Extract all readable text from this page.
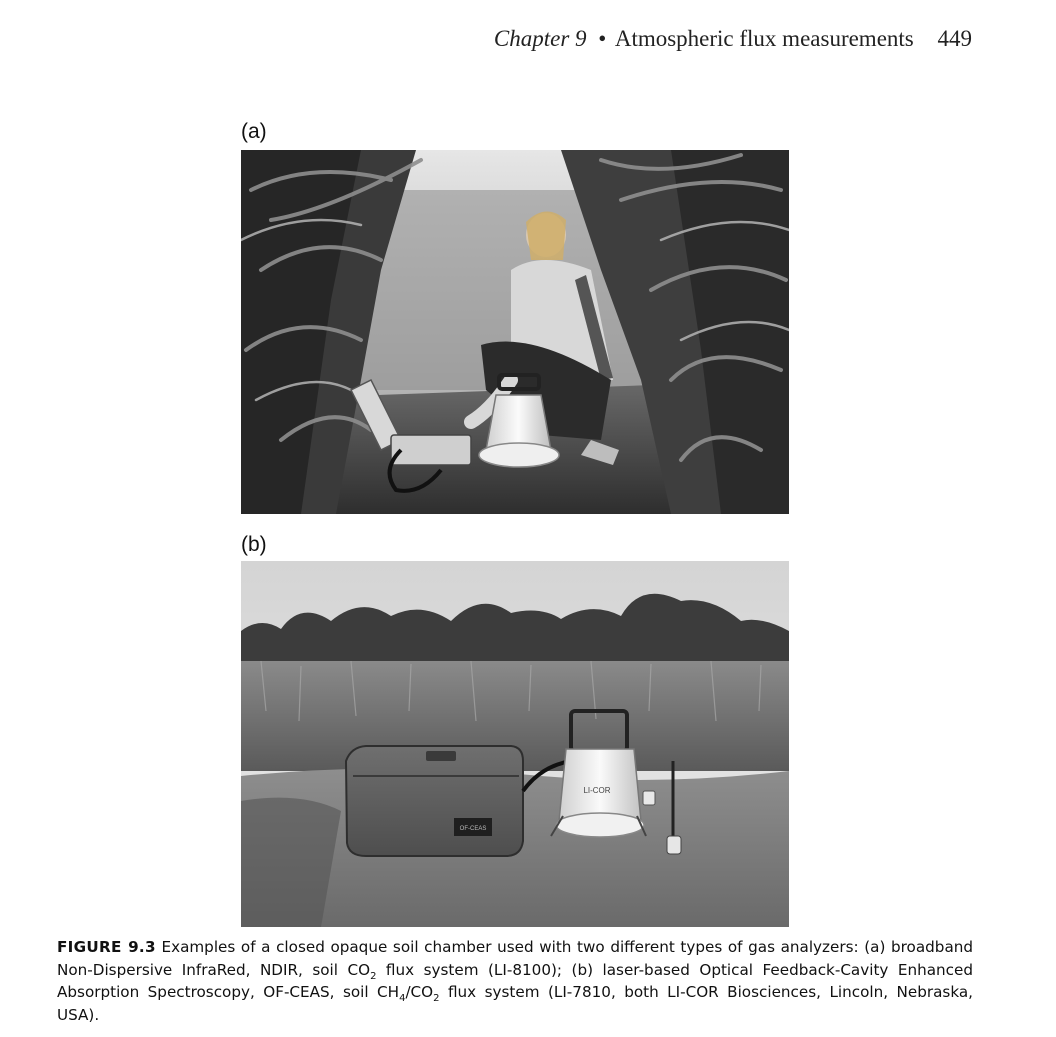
Chapter 9 • Atmospheric flux measurements 449
(a)
(b)
OF-CEAS
LI-COR
FIGURE 9.3 Examples of a closed opaque soil chamber used with two different types of gas analyzers: (a) broadband Non-Dispersive InfraRed, NDIR, soil $CO_2$ flux system (LI-8100); (b) laser-based Optical Feedback-Cavity Enhanced Absorption Spectroscopy, OF-CEAS, soil $CH_4/CO_2$ flux system (LI-7810, both LI-COR Biosciences, Lincoln, Nebraska, USA).
